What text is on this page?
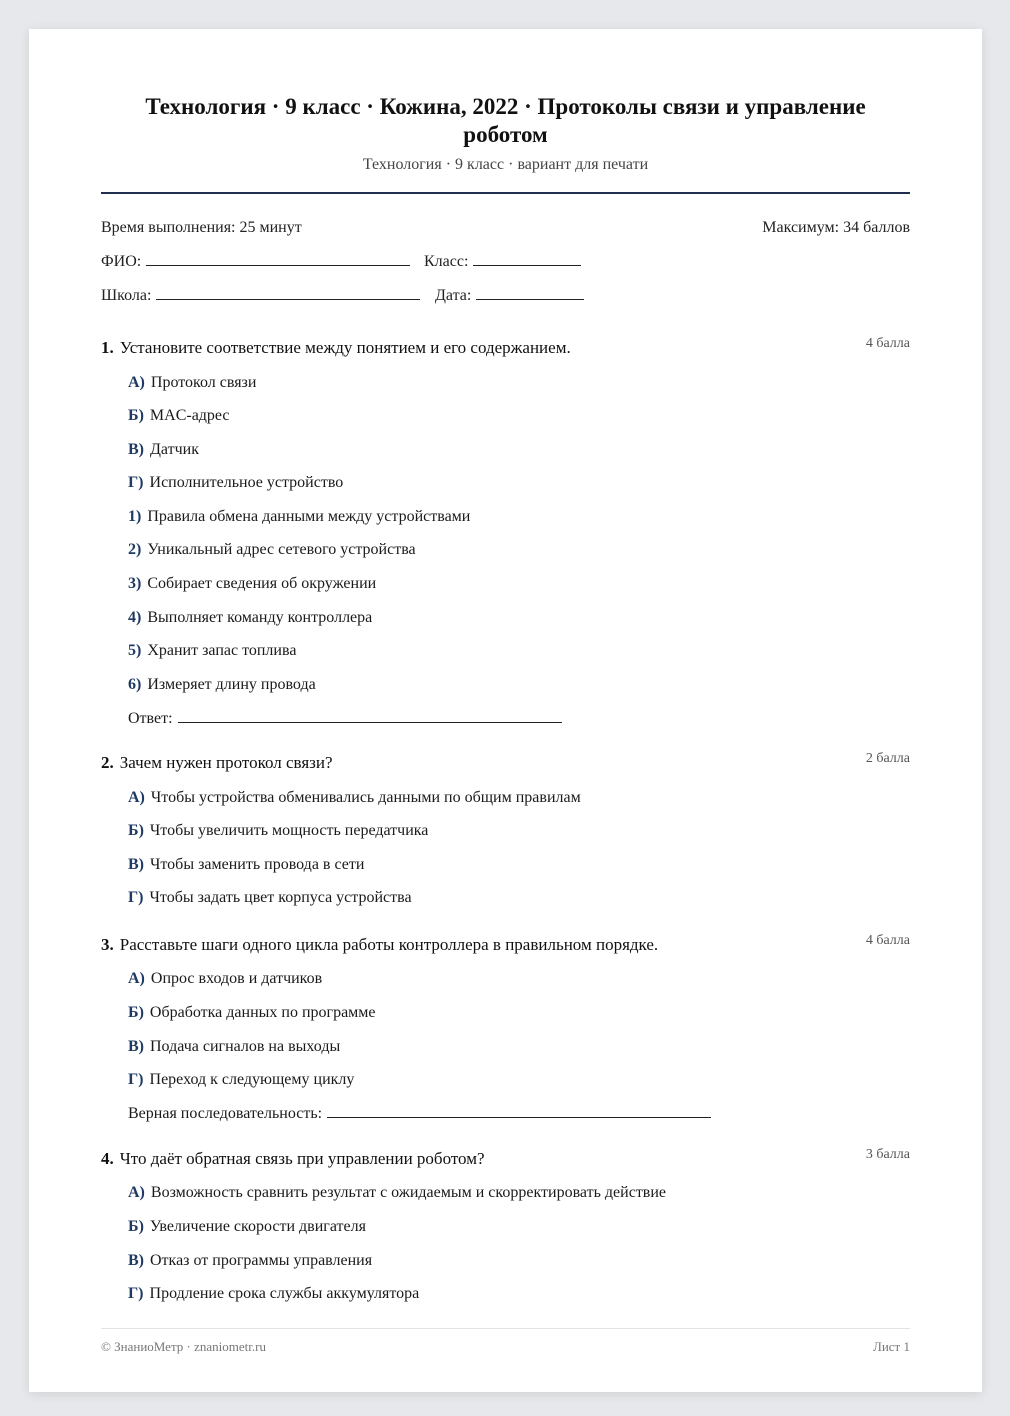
Технология · 9 класс · Кожина, 2022 · Протоколы связи и управление роботом
Технология · 9 класс · вариант для печати
Время выполнения: 25 минут	Максимум: 34 баллов
ФИО:	Класс:
Школа:	Дата:
1. Установите соответствие между понятием и его содержанием.	4 балла
А) Протокол связи
Б) MAC-адрес
В) Датчик
Г) Исполнительное устройство
1) Правила обмена данными между устройствами
2) Уникальный адрес сетевого устройства
3) Собирает сведения об окружении
4) Выполняет команду контроллера
5) Хранит запас топлива
6) Измеряет длину провода
Ответ:
2. Зачем нужен протокол связи?	2 балла
А) Чтобы устройства обменивались данными по общим правилам
Б) Чтобы увеличить мощность передатчика
В) Чтобы заменить провода в сети
Г) Чтобы задать цвет корпуса устройства
3. Расставьте шаги одного цикла работы контроллера в правильном порядке.	4 балла
А) Опрос входов и датчиков
Б) Обработка данных по программе
В) Подача сигналов на выходы
Г) Переход к следующему циклу
Верная последовательность:
4. Что даёт обратная связь при управлении роботом?	3 балла
А) Возможность сравнить результат с ожидаемым и скорректировать действие
Б) Увеличение скорости двигателя
В) Отказ от программы управления
Г) Продление срока службы аккумулятора
© ЗнаниоМетр · znaniometr.ru	Лист 1
